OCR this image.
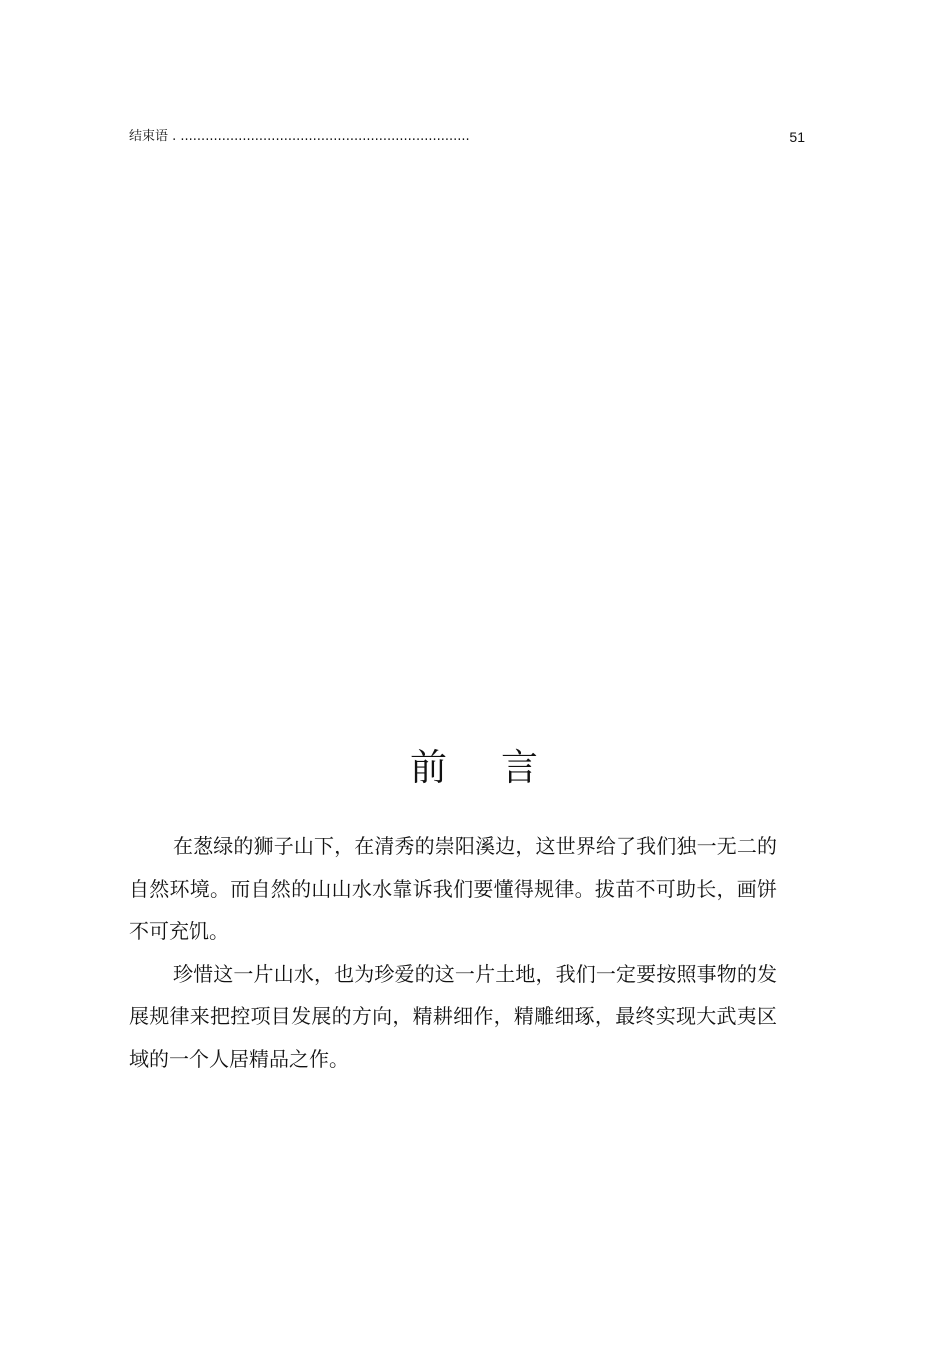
结束语 . ......................................................................	51
前 言

在葱绿的狮子山下，在清秀的崇阳溪边，这世界给了我们独一无二的自然环境。而自然的山山水水靠诉我们要懂得规律。拔苗不可助长，画饼不可充饥。

珍惜这一片山水，也为珍爱的这一片土地，我们一定要按照事物的发展规律来把控项目发展的方向，精耕细作，精雕细琢，最终实现大武夷区域的一个人居精品之作。
